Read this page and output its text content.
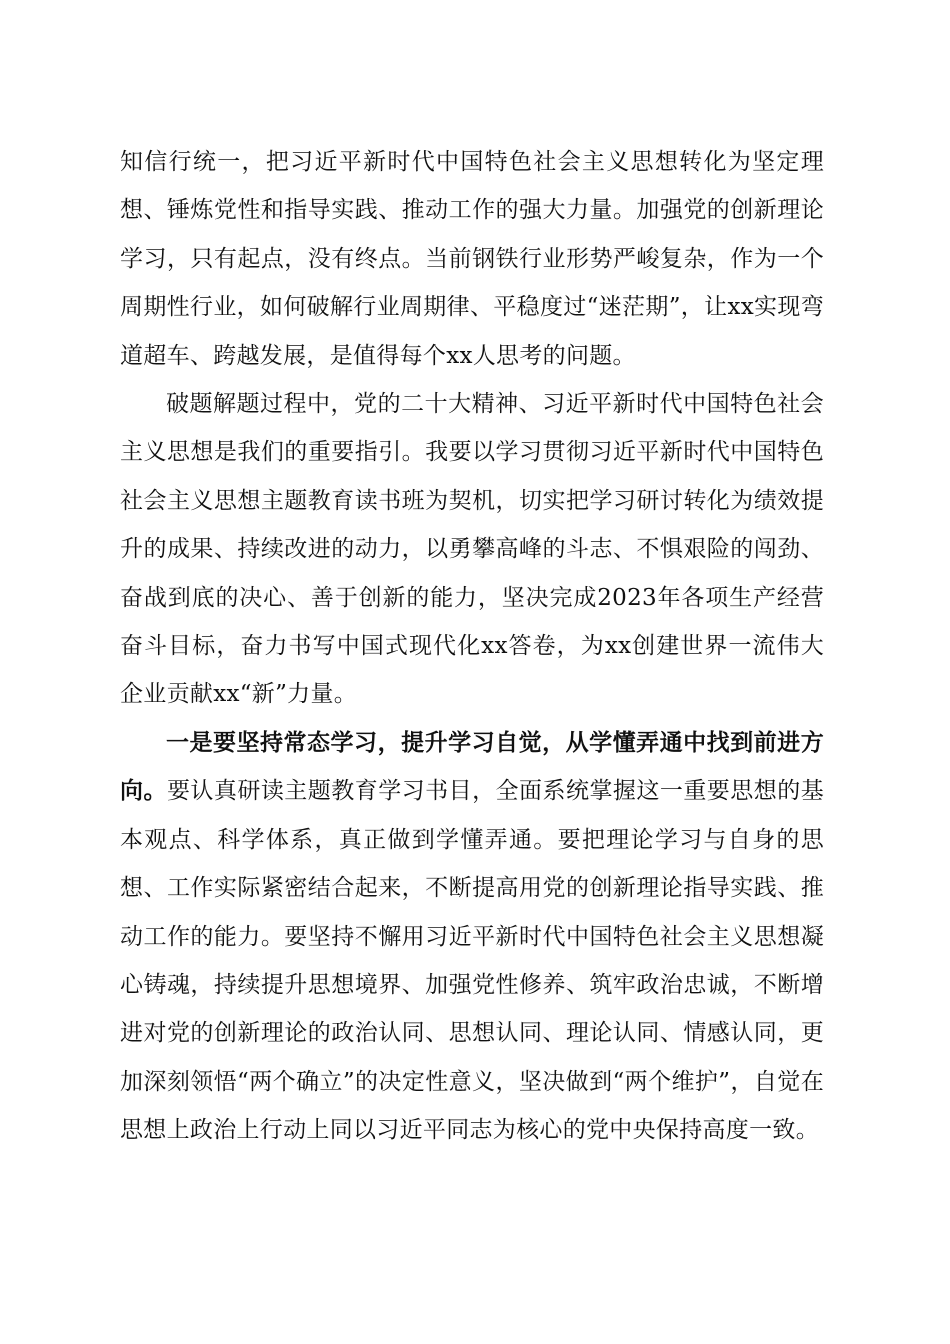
知信行统一，把习近平新时代中国特色社会主义思想转化为坚定理想、锤炼党性和指导实践、推动工作的强大力量。加强党的创新理论学习，只有起点，没有终点。当前钢铁行业形势严峻复杂，作为一个周期性行业，如何破解行业周期律、平稳度过“迷茫期”，让xx实现弯道超车、跨越发展，是值得每个xx人思考的问题。

破题解题过程中，党的二十大精神、习近平新时代中国特色社会主义思想是我们的重要指引。我要以学习贯彻习近平新时代中国特色社会主义思想主题教育读书班为契机，切实把学习研讨转化为绩效提升的成果、持续改进的动力，以勇攀高峰的斗志、不惧艰险的闯劲、奋战到底的决心、善于创新的能力，坚决完成2023年各项生产经营奋斗目标，奋力书写中国式现代化xx答卷，为xx创建世界一流伟大企业贡献xx“新”力量。

一是要坚持常态学习，提升学习自觉，从学懂弄通中找到前进方向。要认真研读主题教育学习书目，全面系统掌握这一重要思想的基本观点、科学体系，真正做到学懂弄通。要把理论学习与自身的思想、工作实际紧密结合起来，不断提高用党的创新理论指导实践、推动工作的能力。要坚持不懈用习近平新时代中国特色社会主义思想凝心铸魂，持续提升思想境界、加强党性修养、筑牢政治忠诚，不断增进对党的创新理论的政治认同、思想认同、理论认同、情感认同，更加深刻领悟“两个确立”的决定性意义，坚决做到“两个维护”，自觉在思想上政治上行动上同以习近平同志为核心的党中央保持高度一致。
